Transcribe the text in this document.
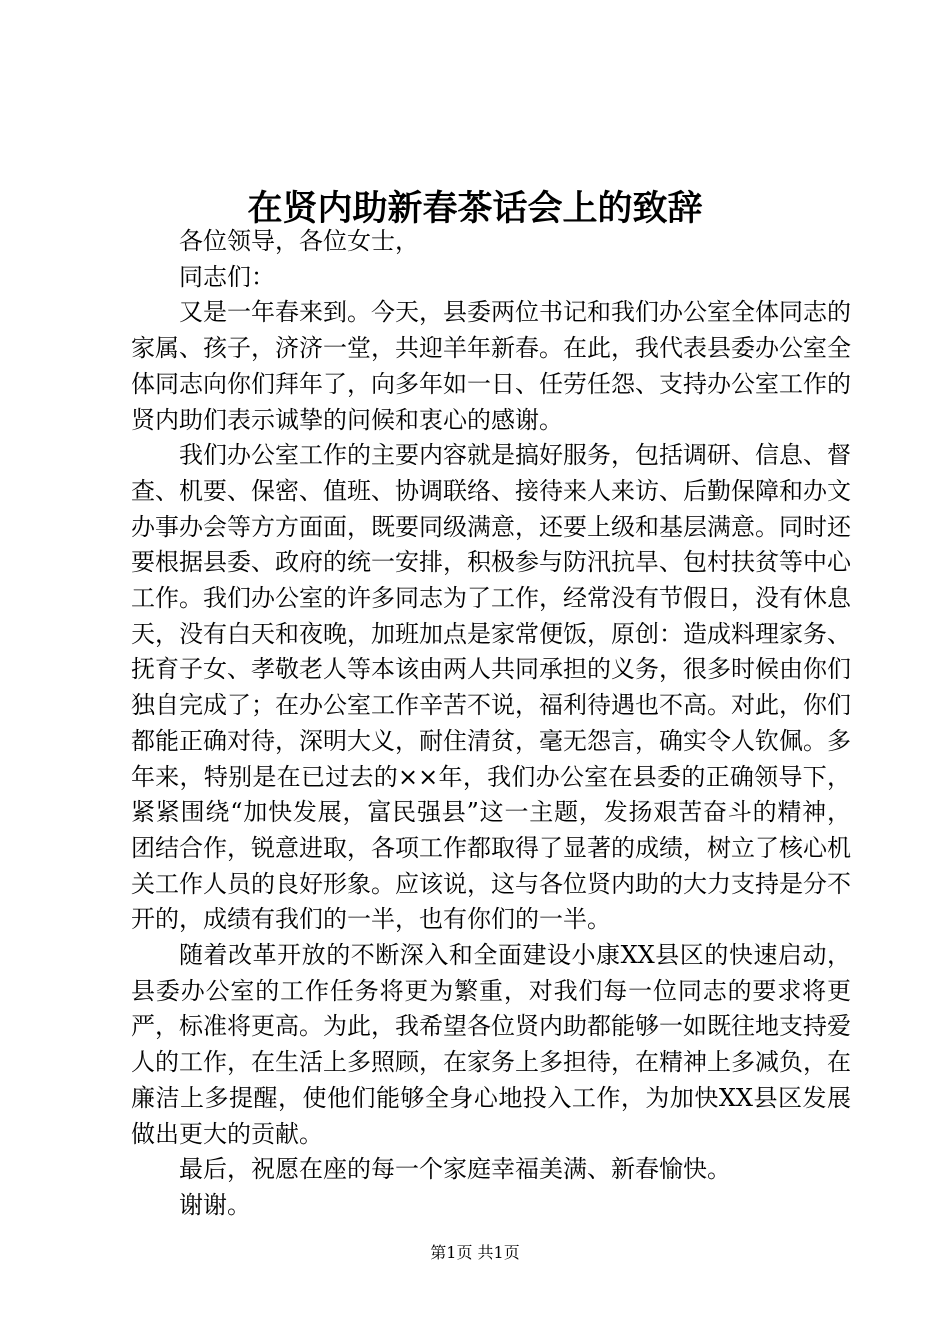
在贤内助新春茶话会上的致辞

各位领导，各位女士，

同志们：

又是一年春来到。今天，县委两位书记和我们办公室全体同志的家属、孩子，济济一堂，共迎羊年新春。在此，我代表县委办公室全体同志向你们拜年了，向多年如一日、任劳任怨、支持办公室工作的贤内助们表示诚挚的问候和衷心的感谢。

我们办公室工作的主要内容就是搞好服务，包括调研、信息、督查、机要、保密、值班、协调联络、接待来人来访、后勤保障和办文办事办会等方方面面，既要同级满意，还要上级和基层满意。同时还要根据县委、政府的统一安排，积极参与防汛抗旱、包村扶贫等中心工作。我们办公室的许多同志为了工作，经常没有节假日，没有休息天，没有白天和夜晚，加班加点是家常便饭，原创：造成料理家务、抚育子女、孝敬老人等本该由两人共同承担的义务，很多时候由你们独自完成了；在办公室工作辛苦不说，福利待遇也不高。对此，你们都能正确对待，深明大义，耐住清贫，毫无怨言，确实令人钦佩。多年来，特别是在已过去的××年，我们办公室在县委的正确领导下，紧紧围绕“加快发展，富民强县”这一主题，发扬艰苦奋斗的精神，团结合作，锐意进取，各项工作都取得了显著的成绩，树立了核心机关工作人员的良好形象。应该说，这与各位贤内助的大力支持是分不开的，成绩有我们的一半，也有你们的一半。

随着改革开放的不断深入和全面建设小康XX县区的快速启动，县委办公室的工作任务将更为繁重，对我们每一位同志的要求将更严，标准将更高。为此，我希望各位贤内助都能够一如既往地支持爱人的工作，在生活上多照顾，在家务上多担待，在精神上多减负，在廉洁上多提醒，使他们能够全身心地投入工作，为加快XX县区发展做出更大的贡献。

最后，祝愿在座的每一个家庭幸福美满、新春愉快。

谢谢。

第1页 共1页
